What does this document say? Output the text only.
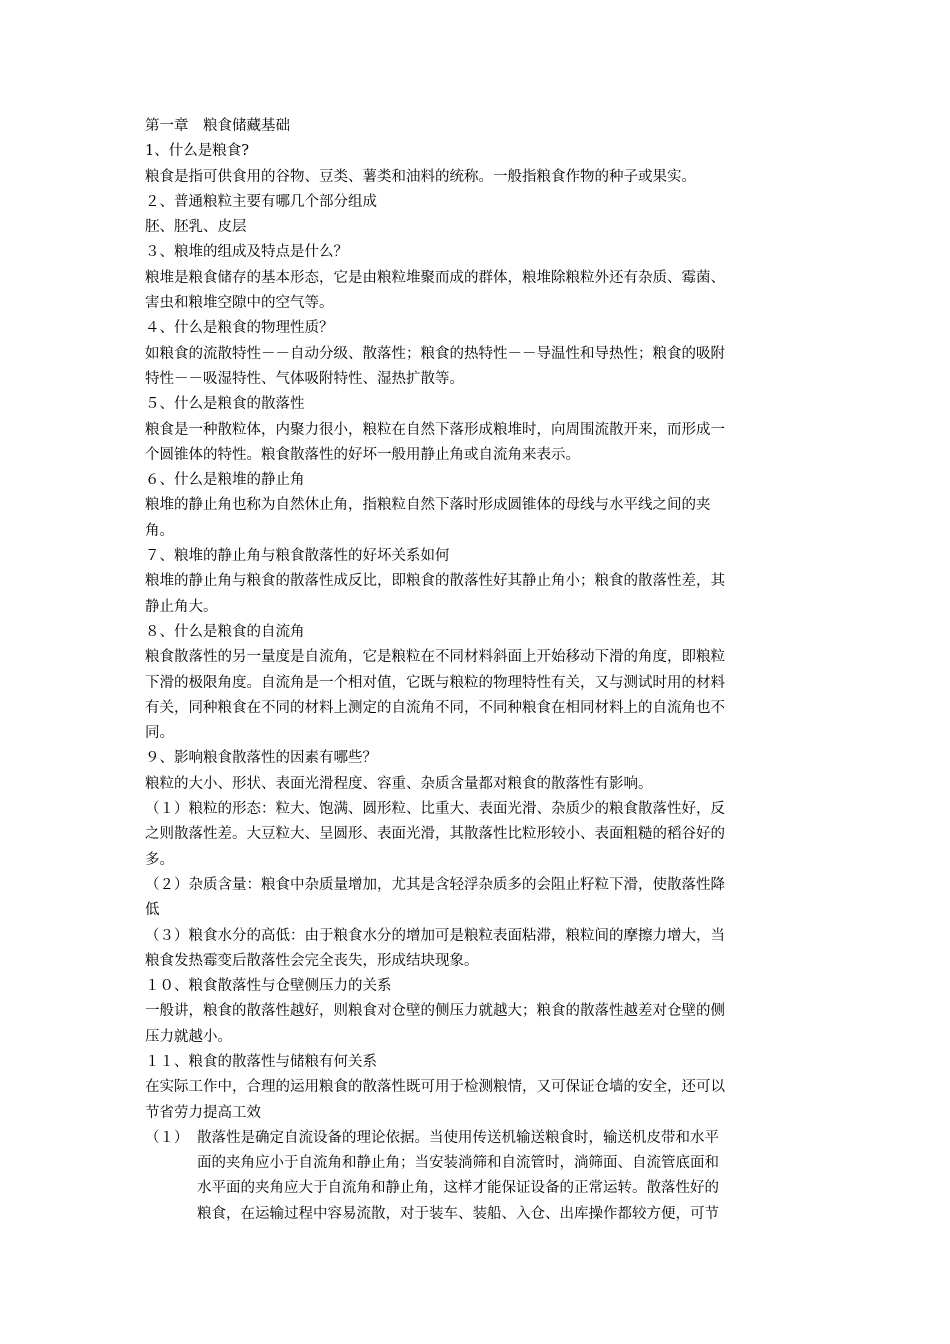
第一章　粮食储藏基础
1、什么是粮食?
粮食是指可供食用的谷物、豆类、薯类和油料的统称。一般指粮食作物的种子或果实。
２、普通粮粒主要有哪几个部分组成
胚、胚乳、皮层
３、粮堆的组成及特点是什么？
粮堆是粮食储存的基本形态，它是由粮粒堆聚而成的群体，粮堆除粮粒外还有杂质、霉菌、
害虫和粮堆空隙中的空气等。
４、什么是粮食的物理性质？
如粮食的流散特性－－自动分级、散落性；粮食的热特性－－导温性和导热性；粮食的吸附
特性－－吸湿特性、气体吸附特性、湿热扩散等。
５、什么是粮食的散落性
粮食是一种散粒体，内聚力很小，粮粒在自然下落形成粮堆时，向周围流散开来，而形成一
个圆锥体的特性。粮食散落性的好坏一般用静止角或自流角来表示。
６、什么是粮堆的静止角
粮堆的静止角也称为自然休止角，指粮粒自然下落时形成圆锥体的母线与水平线之间的夹
角。
７、粮堆的静止角与粮食散落性的好坏关系如何
粮堆的静止角与粮食的散落性成反比，即粮食的散落性好其静止角小；粮食的散落性差，其
静止角大。
８、什么是粮食的自流角
粮食散落性的另一量度是自流角，它是粮粒在不同材料斜面上开始移动下滑的角度，即粮粒
下滑的极限角度。自流角是一个相对值，它既与粮粒的物理特性有关，又与测试时用的材料
有关，同种粮食在不同的材料上测定的自流角不同，不同种粮食在相同材料上的自流角也不
同。
９、影响粮食散落性的因素有哪些？
粮粒的大小、形状、表面光滑程度、容重、杂质含量都对粮食的散落性有影响。
（１）粮粒的形态：粒大、饱满、圆形粒、比重大、表面光滑、杂质少的粮食散落性好，反
之则散落性差。大豆粒大、呈圆形、表面光滑，其散落性比粒形较小、表面粗糙的稻谷好的
多。
（２）杂质含量：粮食中杂质量增加，尤其是含轻浮杂质多的会阻止籽粒下滑，使散落性降
低
（３）粮食水分的高低：由于粮食水分的增加可是粮粒表面粘滞，粮粒间的摩擦力增大，当
粮食发热霉变后散落性会完全丧失，形成结块现象。
１０、粮食散落性与仓壁侧压力的关系
一般讲，粮食的散落性越好，则粮食对仓壁的侧压力就越大；粮食的散落性越差对仓壁的侧
压力就越小。
１１、粮食的散落性与储粮有何关系
在实际工作中，合理的运用粮食的散落性既可用于检测粮情，又可保证仓墙的安全，还可以
节省劳力提高工效
（１） 散落性是确定自流设备的理论依据。当使用传送机输送粮食时，输送机皮带和水平
面的夹角应小于自流角和静止角；当安装淌筛和自流管时，淌筛面、自流管底面和
水平面的夹角应大于自流角和静止角，这样才能保证设备的正常运转。散落性好的
粮食，在运输过程中容易流散，对于装车、装船、入仓、出库操作都较方便，可节
